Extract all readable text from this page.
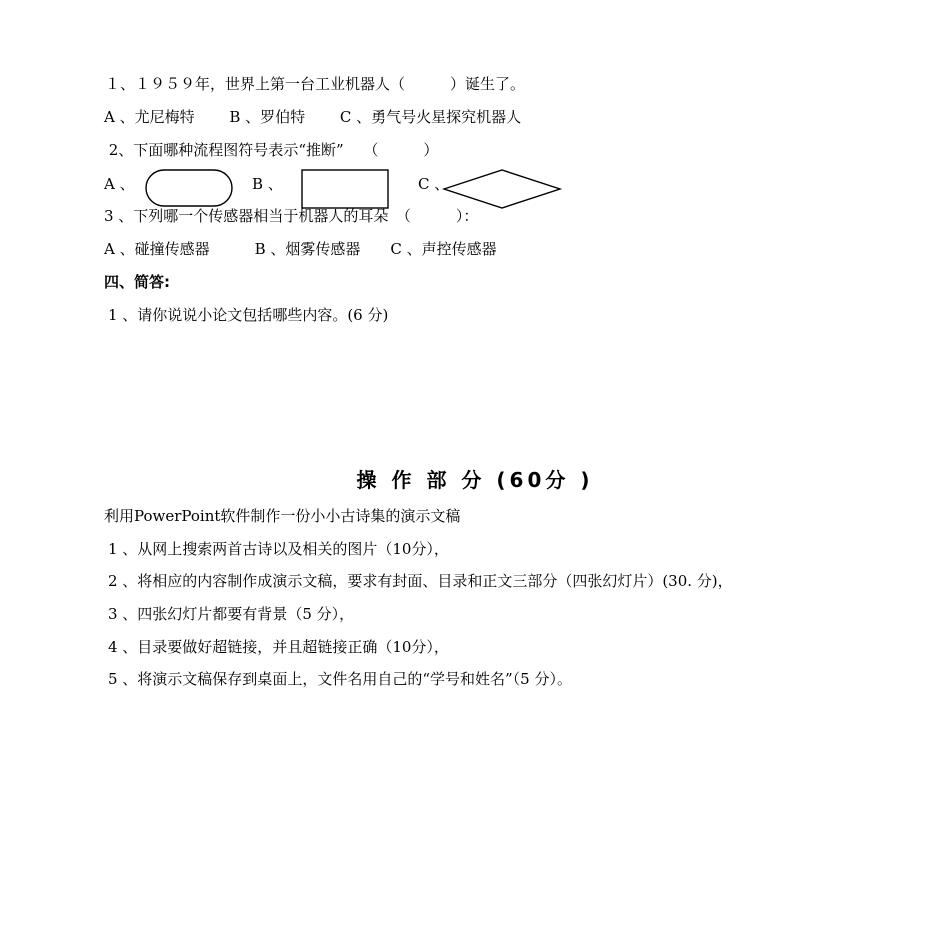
１、１９５９年，世界上第一台工业机器人（　　　）诞生了。
A 、尤尼梅特　　 B 、罗伯特　　 C 、勇气号火星探究机器人
2、下面哪种流程图符号表示“推断”　 （　　　）
A 、	B 、	C 、
3 、下列哪一个传感器相当于机器人的耳朵　（　　　）：
A 、碰撞传感器　　　B 、烟雾传感器　　C 、声控传感器
四、简答:
1 、请你说说小论文包括哪些内容。(6 分)
操 作 部 分 (60分 )
利用PowerPoint软件制作一份小小古诗集的演示文稿
1 、从网上搜索两首古诗以及相关的图片（10分），
2 、将相应的内容制作成演示文稿，要求有封面、目录和正文三部分（四张幻灯片）(30. 分)，
3 、四张幻灯片都要有背景（5 分），
4 、目录要做好超链接，并且超链接正确（10分），
5 、将演示文稿保存到桌面上，文件名用自己的“学号和姓名”（5 分）。
